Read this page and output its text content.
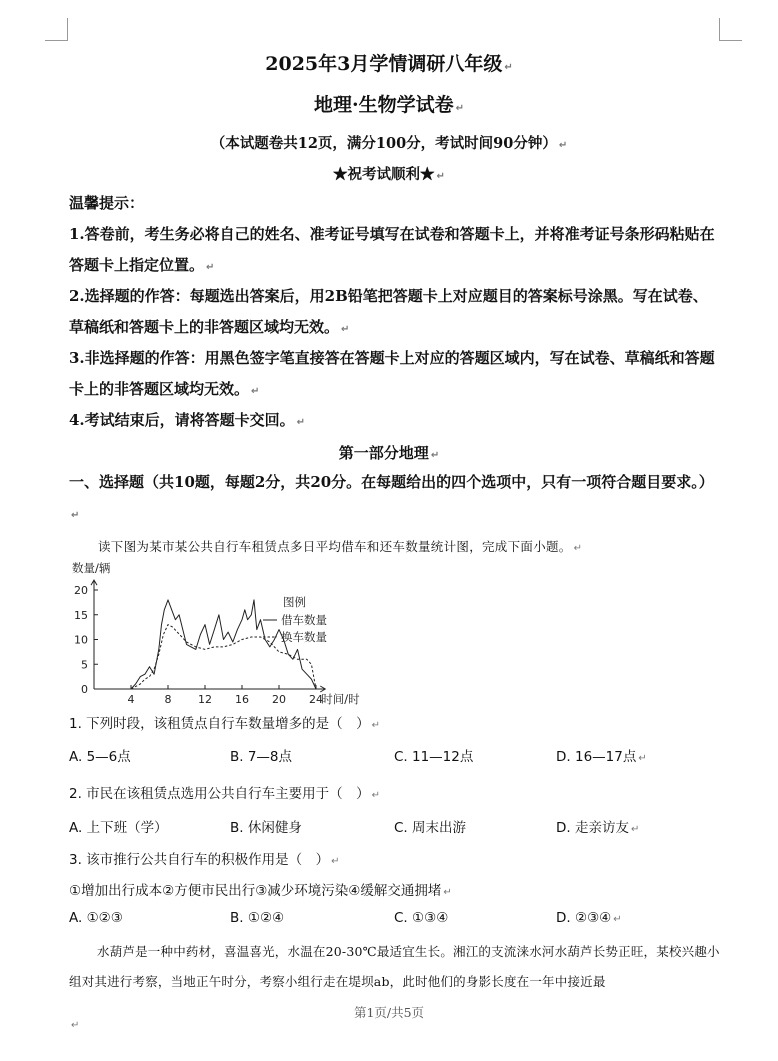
2025年3月学情调研八年级 ↵
地理·生物学试卷 ↵
（本试题卷共12页，满分100分，考试时间90分钟） ↵
★祝考试顺利★ ↵
温馨提示：
1.答卷前，考生务必将自己的姓名、准考证号填写在试卷和答题卡上，并将准考证号条形码粘贴在答题卡上指定位置。 ↵
2.选择题的作答：每题选出答案后，用2B铅笔把答题卡上对应题目的答案标号涂黑。写在试卷、草稿纸和答题卡上的非答题区域均无效。 ↵
3.非选择题的作答：用黑色签字笔直接答在答题卡上对应的答题区域内，写在试卷、草稿纸和答题卡上的非答题区域均无效。 ↵
4.考试结束后，请将答题卡交回。 ↵
第一部分地理 ↵
一、选择题（共10题，每题2分，共20分。在每题给出的四个选项中，只有一项符合题目要求。）↵
读下图为某市某公共自行车租赁点多日平均借车和还车数量统计图，完成下面小题。 ↵
0
5
10
15
20
4	8 12 16 20 24
数量/辆
时间/时
图例
借车数量
换车数量
1. 下列时段，该租赁点自行车数量增多的是（　） ↵
A. 5—6点	B. 7—8点	C. 11—12点	D. 16—17点 ↵
2. 市民在该租赁点选用公共自行车主要用于（　） ↵
A. 上下班（学）	B. 休闲健身	C. 周末出游	D. 走亲访友 ↵
3. 该市推行公共自行车的积极作用是（　） ↵
①增加出行成本②方便市民出行③减少环境污染④缓解交通拥堵 ↵
A. ①②③	B. ①②④	C. ①③④	D. ②③④ ↵
水葫芦是一种中药材，喜温喜光，水温在20-30℃最适宜生长。湘江的支流涞水河水葫芦长势正旺，某校兴趣小组对其进行考察，当地正午时分，考察小组行走在堤坝ab，此时他们的身影长度在一年中接近最
第1页/共5页
↵
